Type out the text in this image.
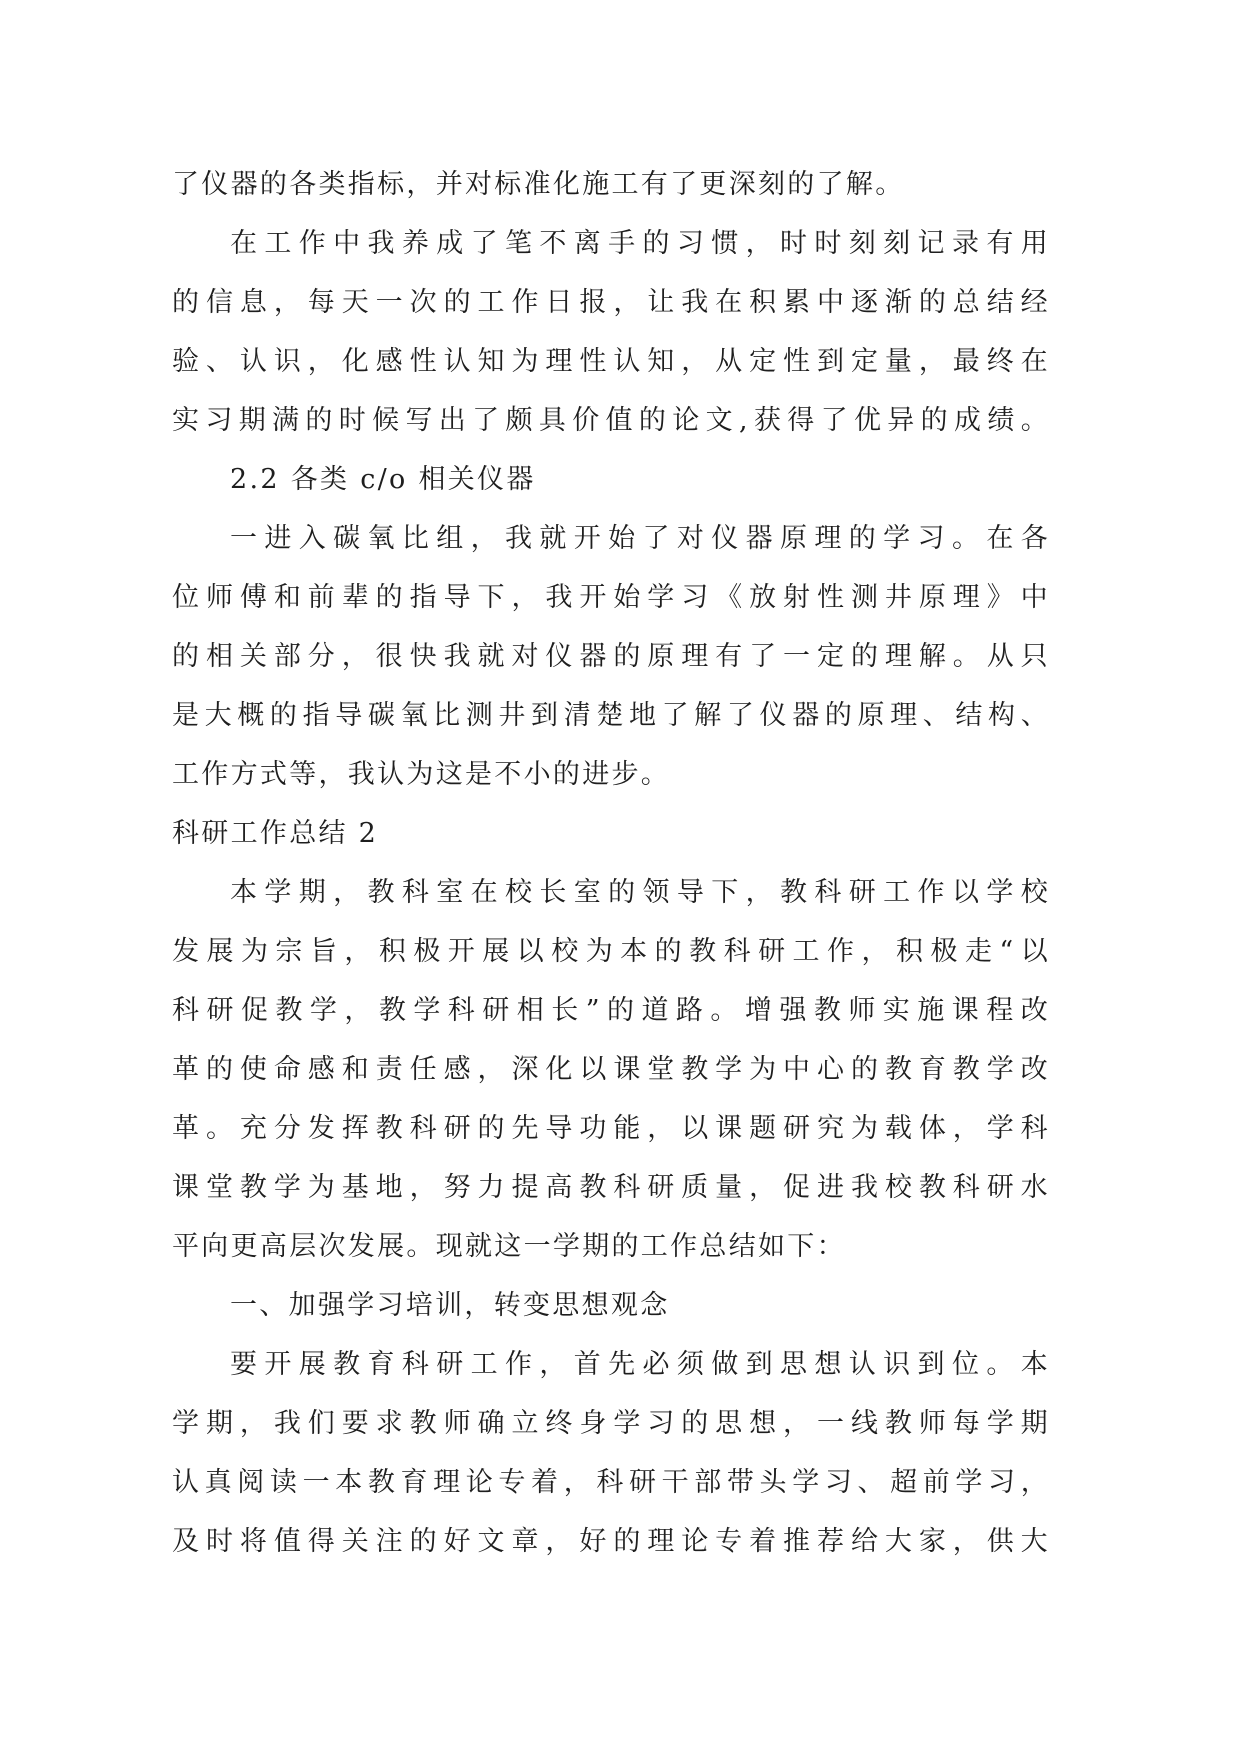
了仪器的各类指标，并对标准化施工有了更深刻的了解。
在工作中我养成了笔不离手的习惯，时时刻刻记录有用
的信息，每天一次的工作日报，让我在积累中逐渐的总结经
验、认识，化感性认知为理性认知，从定性到定量，最终在
实习期满的时候写出了颇具价值的论文,获得了优异的成绩。
2.2 各类 c/o 相关仪器
一进入碳氧比组，我就开始了对仪器原理的学习。在各
位师傅和前辈的指导下，我开始学习《放射性测井原理》中
的相关部分，很快我就对仪器的原理有了一定的理解。从只
是大概的指导碳氧比测井到清楚地了解了仪器的原理、结构、
工作方式等，我认为这是不小的进步。
科研工作总结 2
本学期，教科室在校长室的领导下，教科研工作以学校
发展为宗旨，积极开展以校为本的教科研工作，积极走“以
科研促教学，教学科研相长”的道路。增强教师实施课程改
革的使命感和责任感，深化以课堂教学为中心的教育教学改
革。充分发挥教科研的先导功能，以课题研究为载体，学科
课堂教学为基地，努力提高教科研质量，促进我校教科研水
平向更高层次发展。现就这一学期的工作总结如下：
一、加强学习培训，转变思想观念
要开展教育科研工作，首先必须做到思想认识到位。本
学期，我们要求教师确立终身学习的思想，一线教师每学期
认真阅读一本教育理论专着，科研干部带头学习、超前学习，
及时将值得关注的好文章，好的理论专着推荐给大家，供大
